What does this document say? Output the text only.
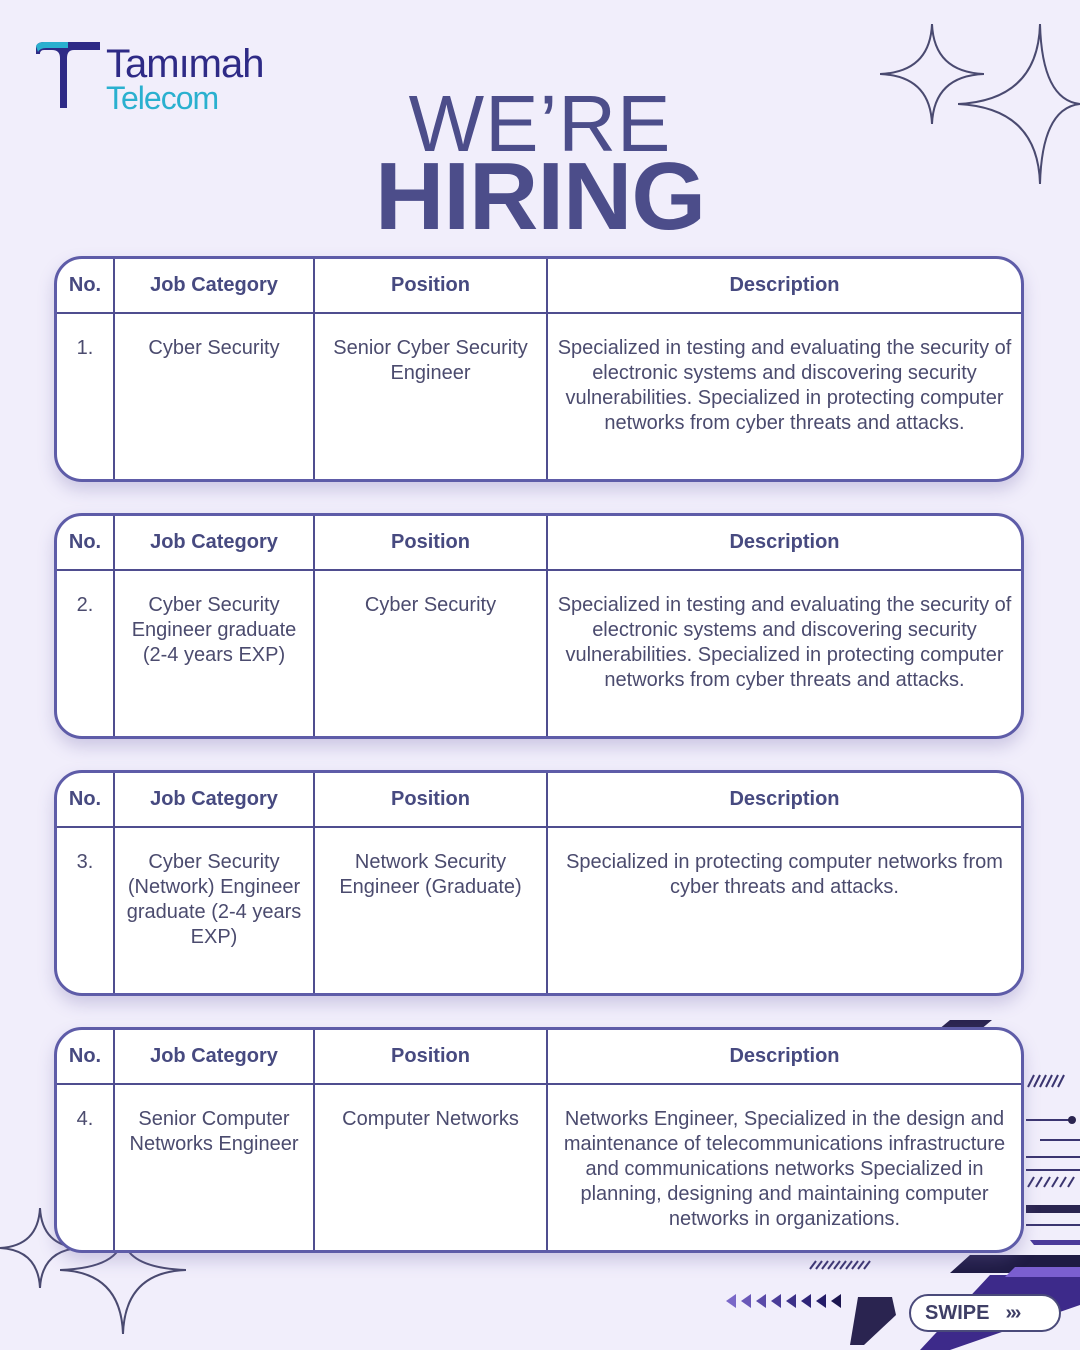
Tamımah
Telecom	WE’RE
HIRING
No.	Job Category	Position	Description
1.	Cyber Security	Senior Cyber Security Engineer	Specialized in testing and evaluating the security of electronic systems and discovering security vulnerabilities. Specialized in protecting computer networks from cyber threats and attacks.
No.	Job Category	Position	Description
2.	Cyber Security Engineer graduate (2-4 years EXP)	Cyber Security	Specialized in testing and evaluating the security of electronic systems and discovering security vulnerabilities. Specialized in protecting computer networks from cyber threats and attacks.
No.	Job Category	Position	Description
3.	Cyber Security (Network) Engineer graduate (2-4 years EXP)	Network Security Engineer (Graduate)	Specialized in protecting computer networks from cyber threats and attacks.
No.	Job Category	Position	Description
4.	Senior Computer Networks Engineer	Computer Networks	Networks Engineer, Specialized in the design and maintenance of telecommunications infrastructure and communications networks Specialized in planning, designing and maintaining computer networks in organizations.
SWIPE ›››
